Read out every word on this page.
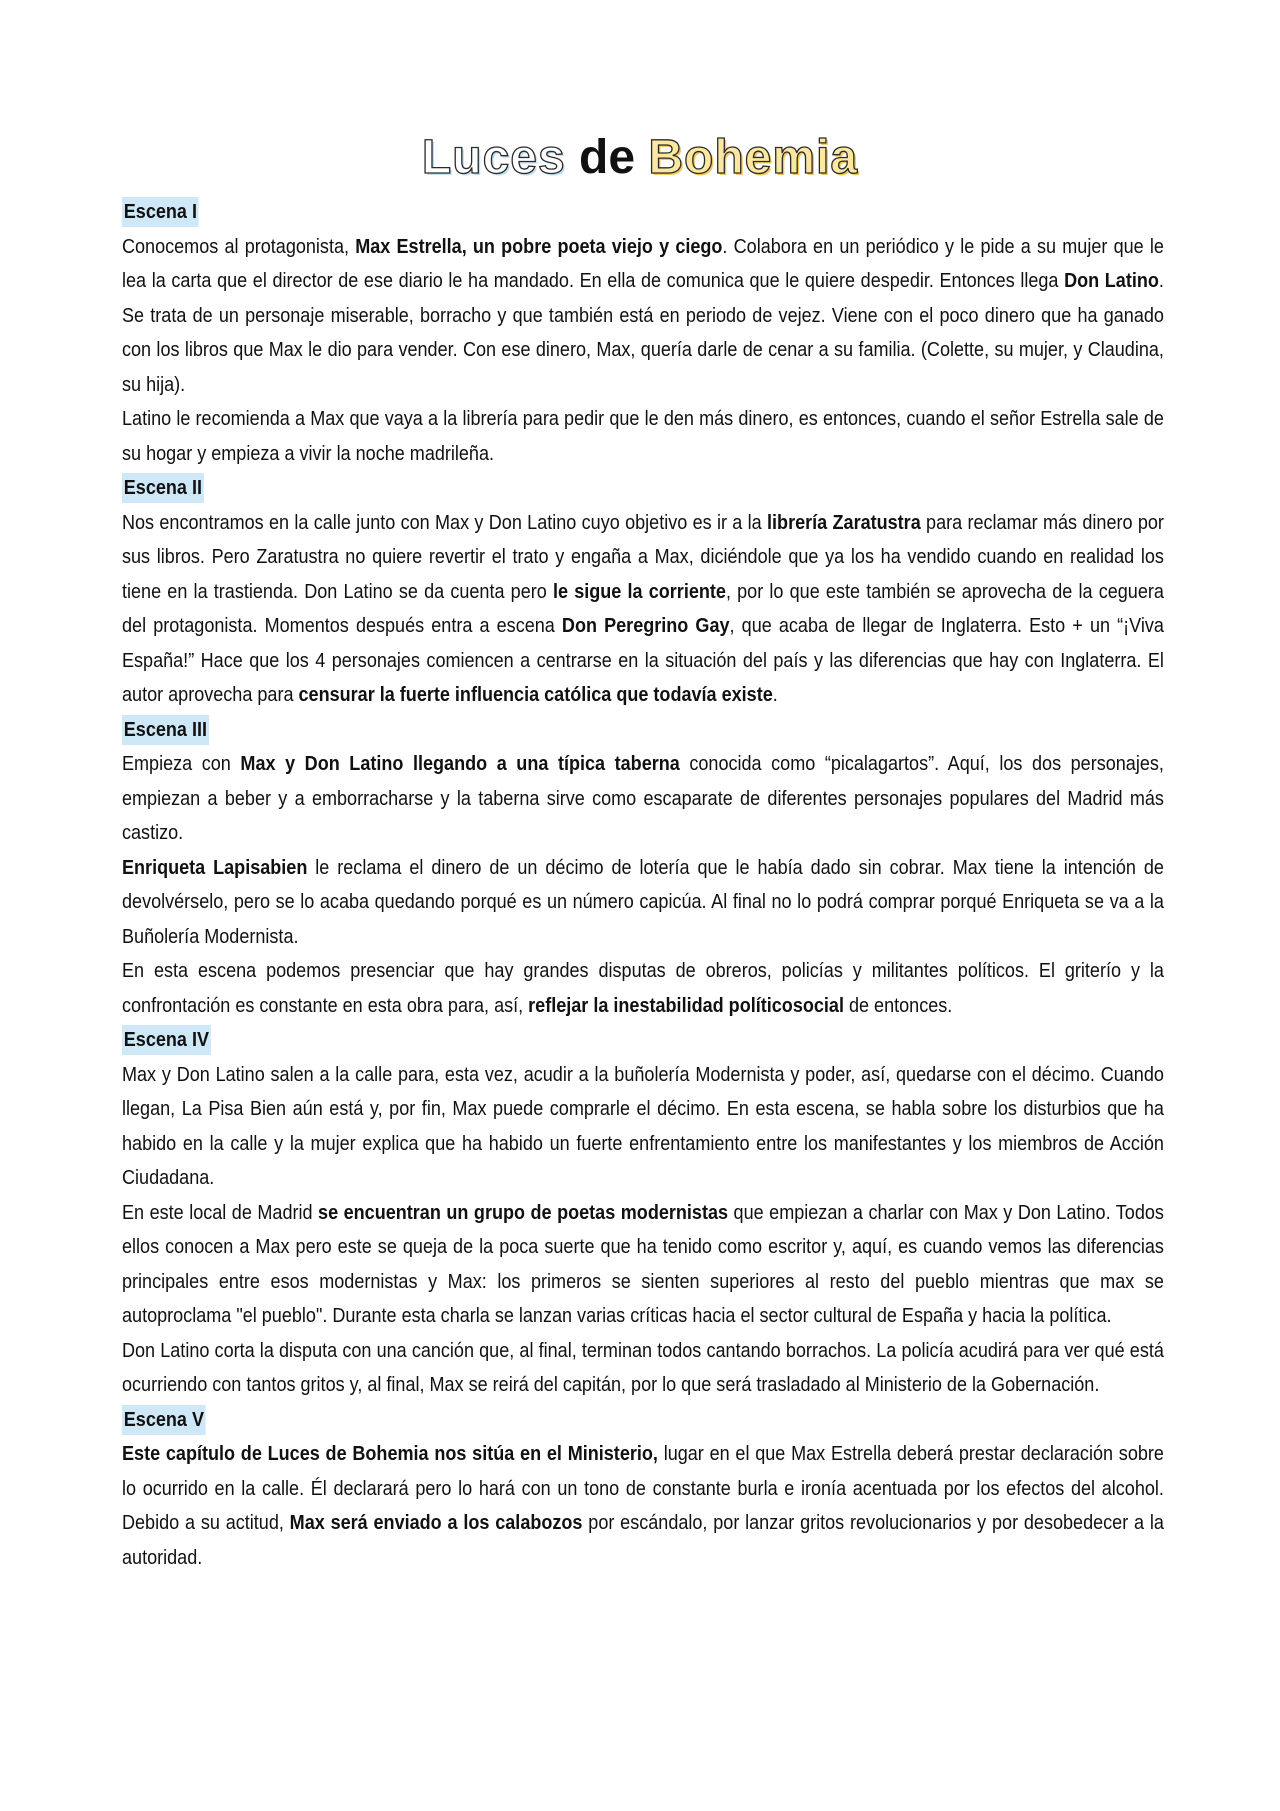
Luces de Bohemia
Escena I

Conocemos al protagonista, Max Estrella, un pobre poeta viejo y ciego. Colabora en un periódico y le pide a su mujer que le lea la carta que el director de ese diario le ha mandado. En ella de comunica que le quiere despedir. Entonces llega Don Latino. Se trata de un personaje miserable, borracho y que también está en periodo de vejez. Viene con el poco dinero que ha ganado con los libros que Max le dio para vender. Con ese dinero, Max, quería darle de cenar a su familia. (Colette, su mujer, y Claudina, su hija).

Latino le recomienda a Max que vaya a la librería para pedir que le den más dinero, es entonces, cuando el señor Estrella sale de su hogar y empieza a vivir la noche madrileña.

Escena II

Nos encontramos en la calle junto con Max y Don Latino cuyo objetivo es ir a la librería Zaratustra para reclamar más dinero por sus libros. Pero Zaratustra no quiere revertir el trato y engaña a Max, diciéndole que ya los ha vendido cuando en realidad los tiene en la trastienda. Don Latino se da cuenta pero le sigue la corriente, por lo que este también se aprovecha de la ceguera del protagonista. Momentos después entra a escena Don Peregrino Gay, que acaba de llegar de Inglaterra. Esto + un “¡Viva España!” Hace que los 4 personajes comiencen a centrarse en la situación del país y las diferencias que hay con Inglaterra. El autor aprovecha para censurar la fuerte influencia católica que todavía existe.

Escena III

Empieza con Max y Don Latino llegando a una típica taberna conocida como “picalagartos”. Aquí, los dos personajes, empiezan a beber y a emborracharse y la taberna sirve como escaparate de diferentes personajes populares del Madrid más castizo.

Enriqueta Lapisabien le reclama el dinero de un décimo de lotería que le había dado sin cobrar. Max tiene la intención de devolvérselo, pero se lo acaba quedando porqué es un número capicúa. Al final no lo podrá comprar porqué Enriqueta se va a la Buñolería Modernista.

En esta escena podemos presenciar que hay grandes disputas de obreros, policías y militantes políticos. El griterío y la confrontación es constante en esta obra para, así, reflejar la inestabilidad políticosocial de entonces.

Escena IV

Max y Don Latino salen a la calle para, esta vez, acudir a la buñolería Modernista y poder, así, quedarse con el décimo. Cuando llegan, La Pisa Bien aún está y, por fin, Max puede comprarle el décimo. En esta escena, se habla sobre los disturbios que ha habido en la calle y la mujer explica que ha habido un fuerte enfrentamiento entre los manifestantes y los miembros de Acción Ciudadana.

En este local de Madrid se encuentran un grupo de poetas modernistas que empiezan a charlar con Max y Don Latino. Todos ellos conocen a Max pero este se queja de la poca suerte que ha tenido como escritor y, aquí, es cuando vemos las diferencias principales entre esos modernistas y Max: los primeros se sienten superiores al resto del pueblo mientras que max se autoproclama "el pueblo". Durante esta charla se lanzan varias críticas hacia el sector cultural de España y hacia la política.

Don Latino corta la disputa con una canción que, al final, terminan todos cantando borrachos. La policía acudirá para ver qué está ocurriendo con tantos gritos y, al final, Max se reirá del capitán, por lo que será trasladado al Ministerio de la Gobernación.

Escena V

Este capítulo de Luces de Bohemia nos sitúa en el Ministerio, lugar en el que Max Estrella deberá prestar declaración sobre lo ocurrido en la calle. Él declarará pero lo hará con un tono de constante burla e ironía acentuada por los efectos del alcohol. Debido a su actitud, Max será enviado a los calabozos por escándalo, por lanzar gritos revolucionarios y por desobedecer a la autoridad.
